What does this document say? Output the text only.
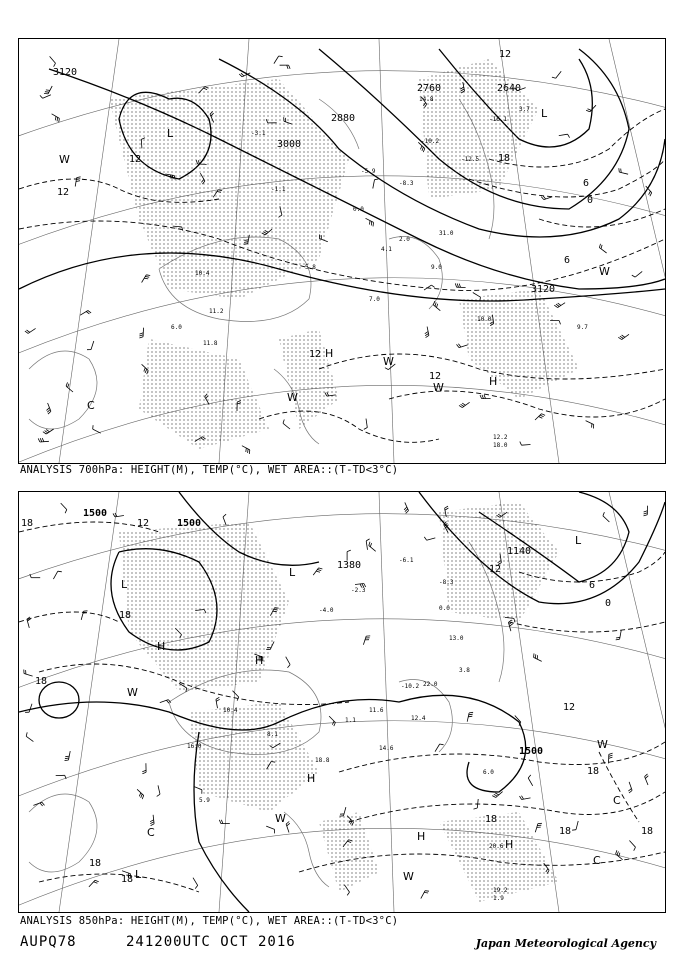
3120
2880
2760	2640
3000
3120
12
12
12
6
0
12
12
18
6
L
L
H
H
W
W
W
W
W
C
-16.1
-12.5
-10.2
-8.3
-5.9
-3.1
-1.1
0.0
2.0
4.1
5.8
7.0
9.0
10.0
10.4
11.2
11.8
12.2
14.8
18.0
3.7
6.0	9.7
31.0
ANALYSIS 700hPa: HEIGHT(M), TEMP(°C), WET AREA::(T-TD<3°C)
1500
1500
1380
1140
1500
18	12
18
18
12
18
18
0
6
12
18	18
18
18
L
L
L
L
H
H
H
H
H
W
W
W
W
C
C
C
-10.2
-8.3
-6.1
-4.0
-2.3
0.0
1.1
3.8
6.0
8.1
10.4	11.6
12.4
14.6
16.0
18.8
19.2
20.6
22.0
1.9
5.9
13.0
ANALYSIS 850hPa: HEIGHT(M), TEMP(°C), WET AREA::(T-TD<3°C)
AUPQ78	241200UTC OCT 2016	Japan Meteorological Agency
